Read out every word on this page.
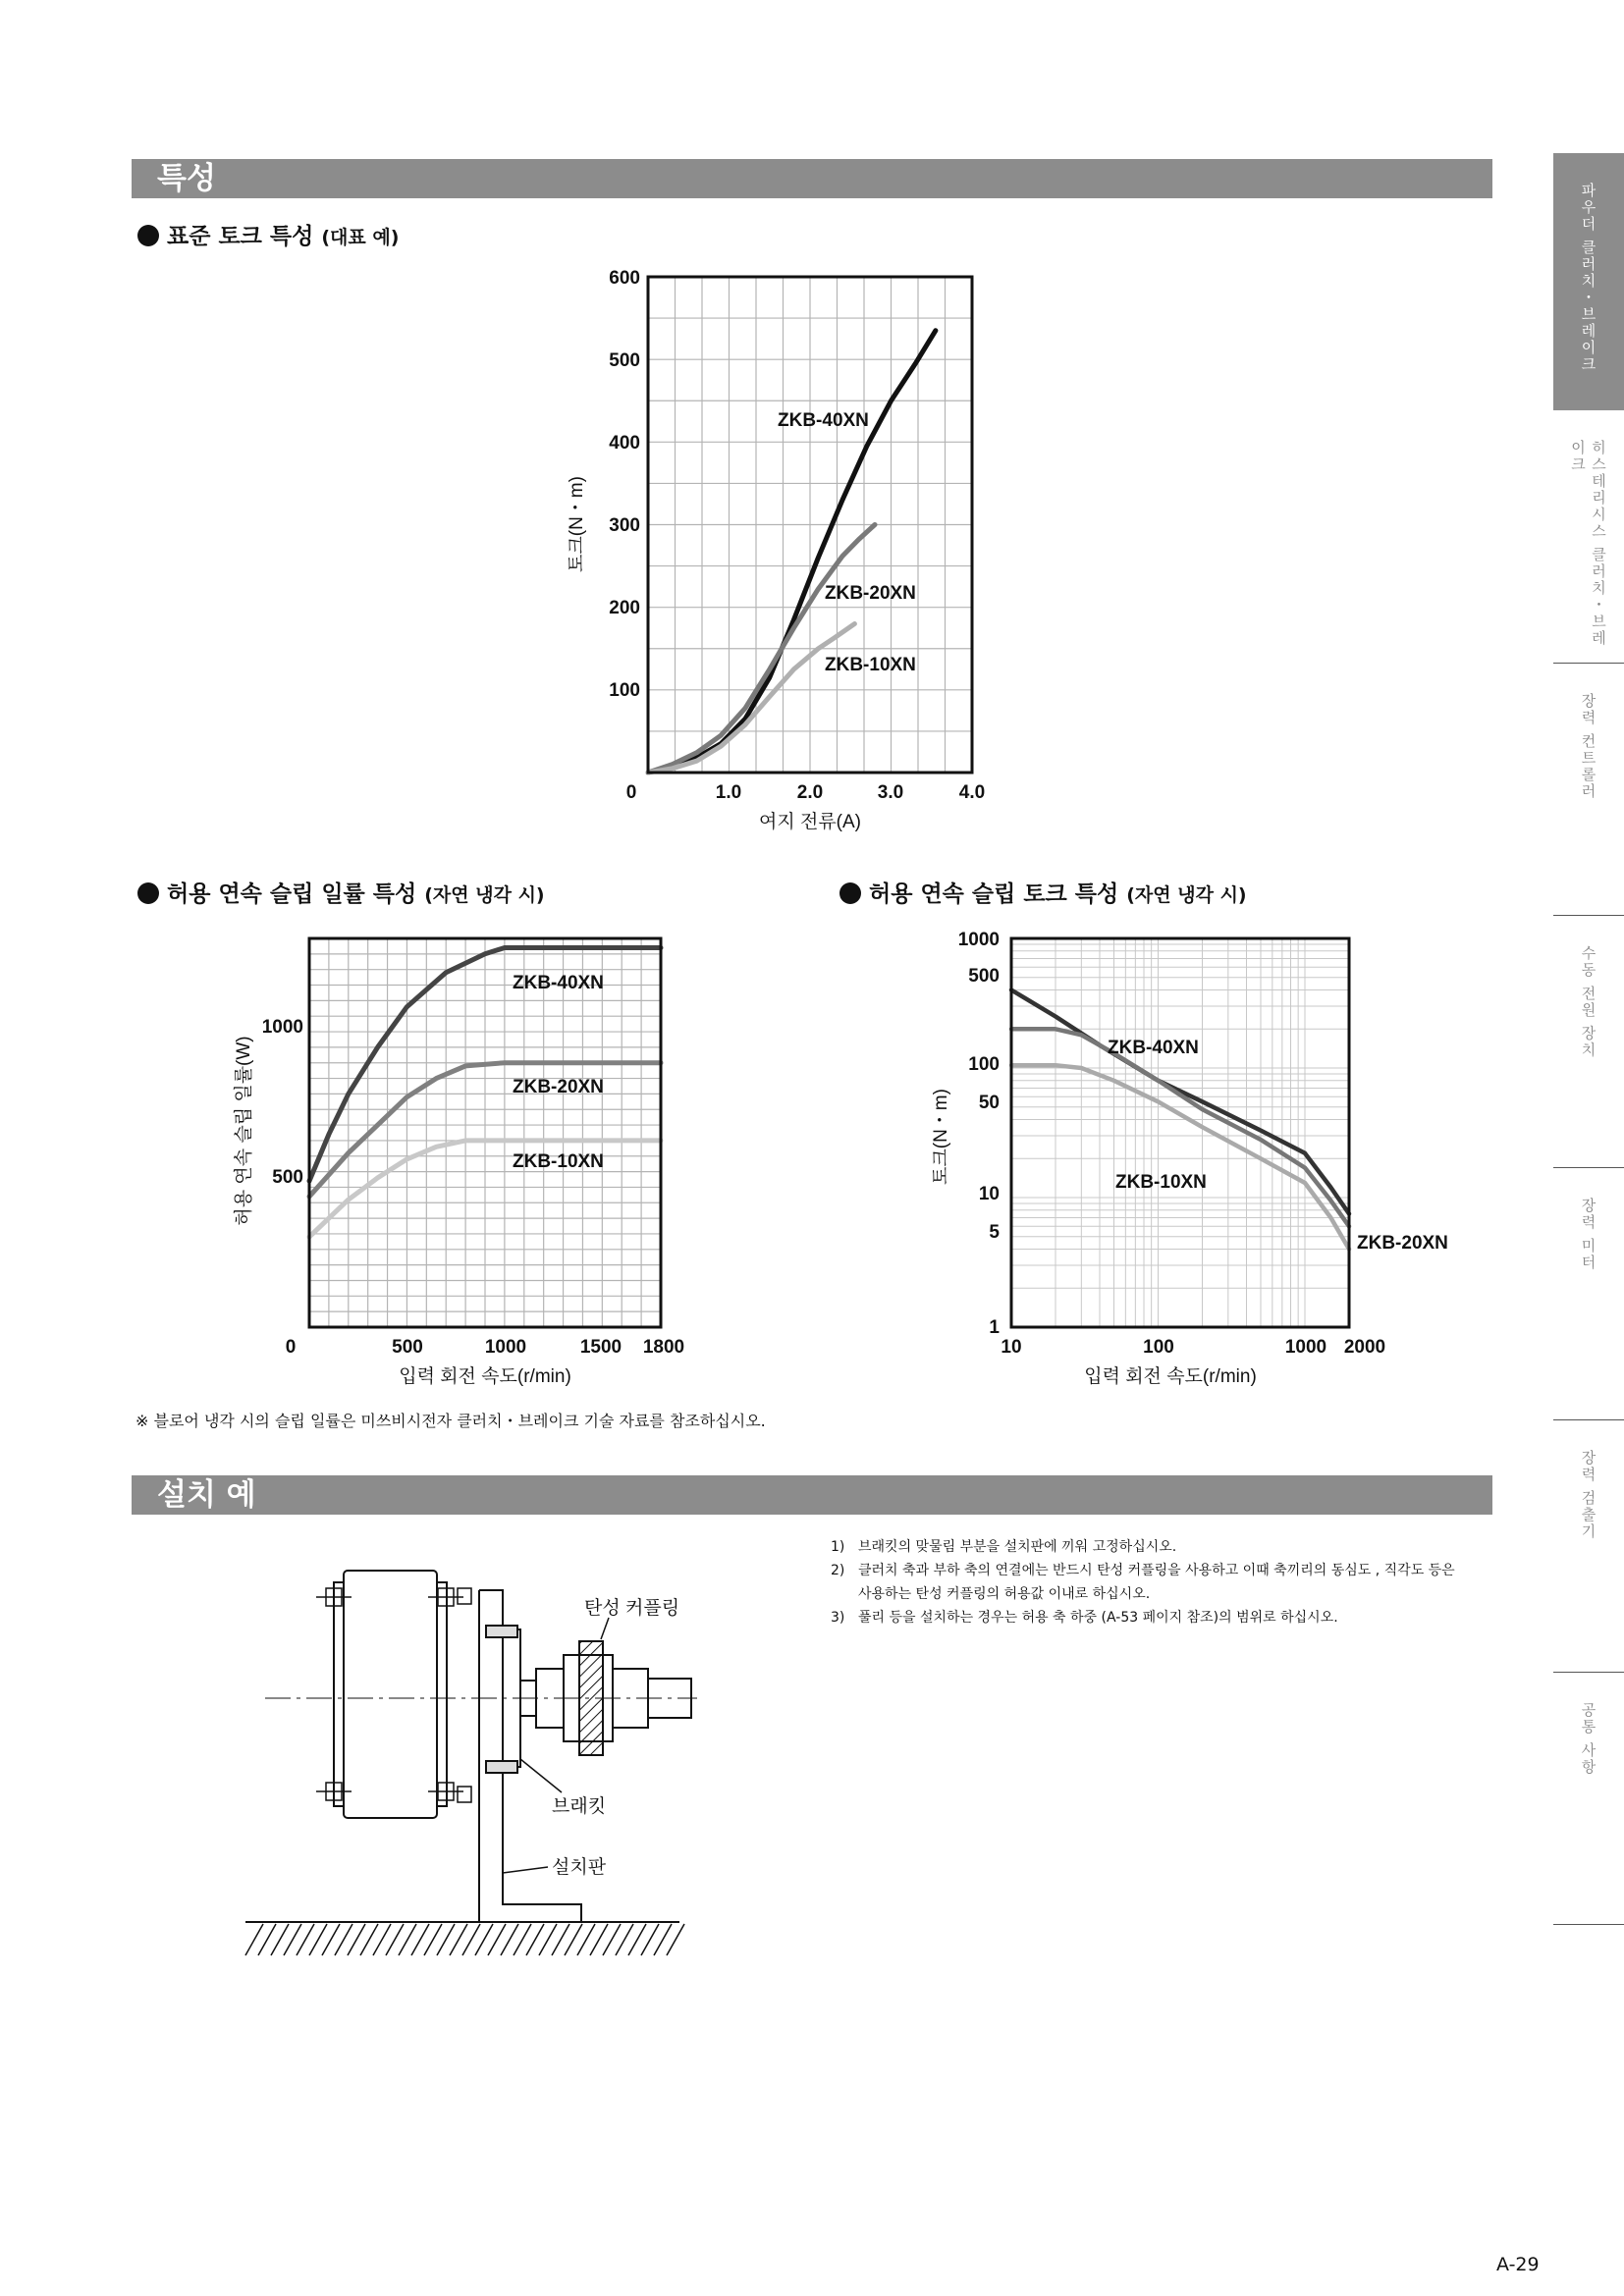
특성
표준 토크 특성 (대표 예)
600
500
400
300
200
100
0	1.0	2.0	3.0	4.0
여지 전류(A)
토크(N・m)
ZKB-40XN
ZKB-20XN
ZKB-10XN
허용 연속 슬립 일률 특성 (자연 냉각 시)
1000
500
0	500	1000	1500 1800
입력 회전 속도(r/min)
허용 연속 슬립 일률(W)
ZKB-40XN
ZKB-20XN
ZKB-10XN
허용 연속 슬립 토크 특성 (자연 냉각 시)
1000
500
100
50
10
5
1
10	100	1000 2000
입력 회전 속도(r/min)
토크(N・m)
ZKB-40XN
ZKB-20XN
ZKB-10XN
※ 블로어 냉각 시의 슬립 일률은 미쓰비시전자 클러치・브레이크 기술 자료를 참조하십시오.
설치 예
탄성 커플링
브래킷
설치판
1) 브래킷의 맞물림 부분을 설치판에 끼워 고정하십시오.
2) 클러치 축과 부하 축의 연결에는 반드시 탄성 커플링을 사용하고 이때 축끼리의 동심도 , 직각도 등은
사용하는 탄성 커플링의 허용값 이내로 하십시오.
3) 풀리 등을 설치하는 경우는 허용 축 하중 (A-53 페이지 참조)의 범위로 하십시오.
파우더 클러치・브레이크
히스테리시스 클러치・브레이크
장력 컨트롤러
수동 전원 장치
장력 미터
장력 검출기
공통 사항
A-29
